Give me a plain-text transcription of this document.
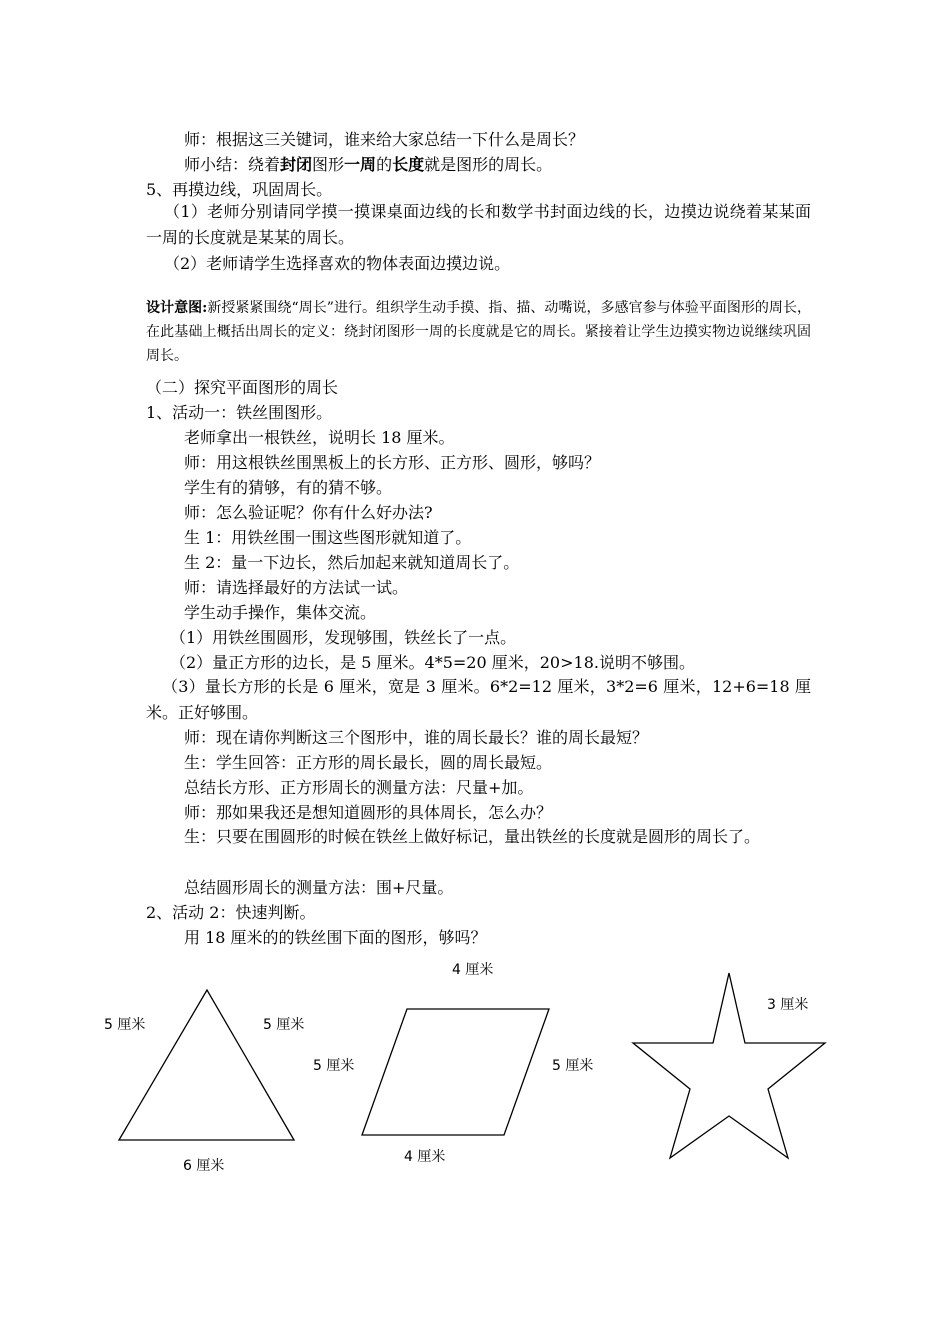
师：根据这三关键词，谁来给大家总结一下什么是周长？
师小结：绕着封闭图形一周的长度就是图形的周长。
5、再摸边线，巩固周长。
（1）老师分别请同学摸一摸课桌面边线的长和数学书封面边线的长，边摸边说绕着某某面一周的长度就是某某的周长。
（2）老师请学生选择喜欢的物体表面边摸边说。
设计意图:新授紧紧围绕“周长”进行。组织学生动手摸、指、描、动嘴说，多感官参与体验平面图形的周长，在此基础上概括出周长的定义：绕封闭图形一周的长度就是它的周长。紧接着让学生边摸实物边说继续巩固周长。
（二）探究平面图形的周长
1、活动一：铁丝围图形。
老师拿出一根铁丝，说明长 18 厘米。
师：用这根铁丝围黑板上的长方形、正方形、圆形，够吗？
学生有的猜够，有的猜不够。
师：怎么验证呢？你有什么好办法?
生 1：用铁丝围一围这些图形就知道了。
生 2：量一下边长，然后加起来就知道周长了。
师：请选择最好的方法试一试。
学生动手操作，集体交流。
（1）用铁丝围圆形，发现够围，铁丝长了一点。
（2）量正方形的边长，是 5 厘米。4*5=20 厘米，20>18.说明不够围。
（3）量长方形的长是 6 厘米，宽是 3 厘米。6*2=12 厘米，3*2=6 厘米，12+6=18 厘米。正好够围。
师：现在请你判断这三个图形中，谁的周长最长？谁的周长最短？
生：学生回答：正方形的周长最长，圆的周长最短。
总结长方形、正方形周长的测量方法：尺量+加。
师：那如果我还是想知道圆形的具体周长，怎么办？
生：只要在围圆形的时候在铁丝上做好标记，量出铁丝的长度就是圆形的周长了。
总结圆形周长的测量方法：围+尺量。
2、活动 2：快速判断。
用 18 厘米的的铁丝围下面的图形，够吗？
5 厘米	5 厘米
6 厘米
4 厘米
5 厘米	5 厘米
4 厘米
3 厘米
